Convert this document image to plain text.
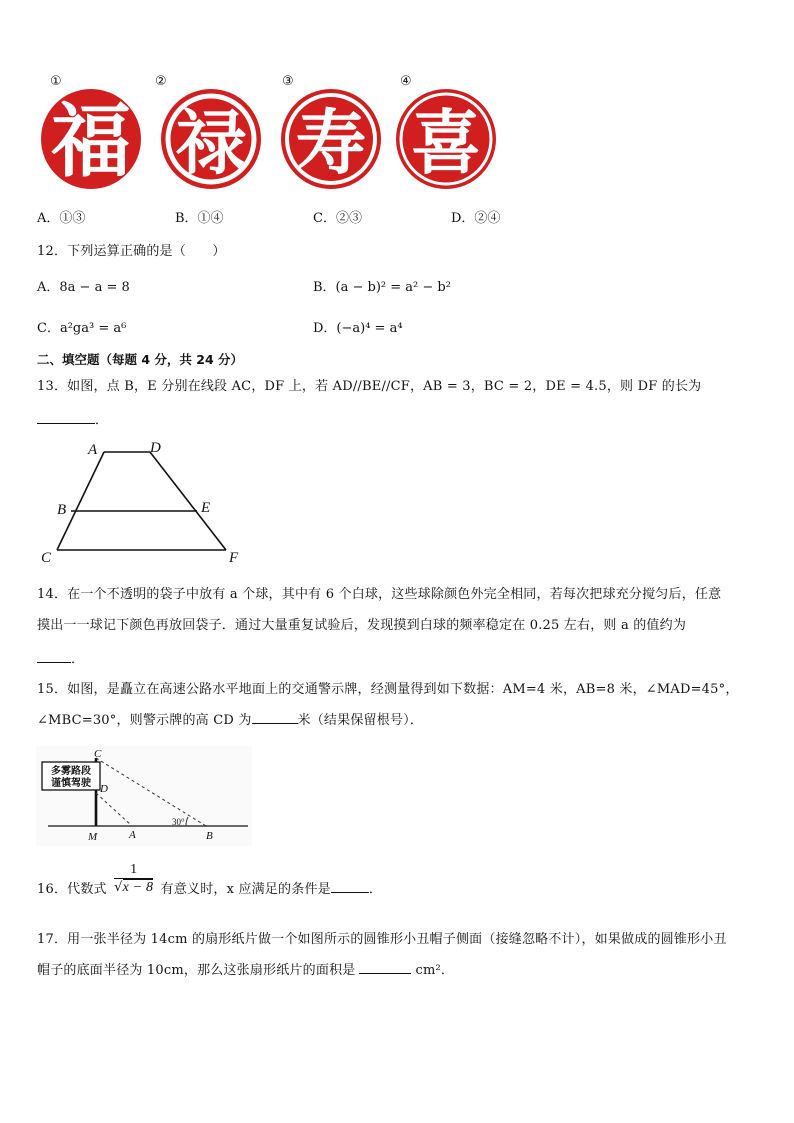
①	②	③	④
福 禄 寿 喜
A．①③	B．①④	C．②③	D．②④
12．下列运算正确的是（　　）
A．8a − a = 8	B．(a − b)² = a² − b²
C．a²ga³ = a⁶	D．(−a)⁴ = a⁴
二、填空题（每题 4 分，共 24 分）
13．如图，点 B，E 分别在线段 AC，DF 上，若 AD//BE//CF，AB = 3，BC = 2，DE = 4.5，则 DF 的长为
．
A	D
B	E
C	F
14．在一个不透明的袋子中放有 a 个球，其中有 6 个白球，这些球除颜色外完全相同，若每次把球充分搅匀后，任意
摸出一一球记下颜色再放回袋子．通过大量重复试验后，发现摸到白球的频率稳定在 0.25 左右，则 a 的值约为
．
15．如图，是矗立在高速公路水平地面上的交通警示牌，经测量得到如下数据：AM=4 米，AB=8 米，∠MAD=45°，
∠MBC=30°，则警示牌的高 CD 为	米（结果保留根号）．
多雾路段
谨慎驾驶
C
D
M	A	B
30°
16．代数式 $\frac{1}{√x - 8}$ 有意义时，x 应满足的条件是	．
17．用一张半径为 14cm 的扇形纸片做一个如图所示的圆锥形小丑帽子侧面（接缝忽略不计），如果做成的圆锥形小丑
帽子的底面半径为 10cm，那么这张扇形纸片的面积是	cm²．
